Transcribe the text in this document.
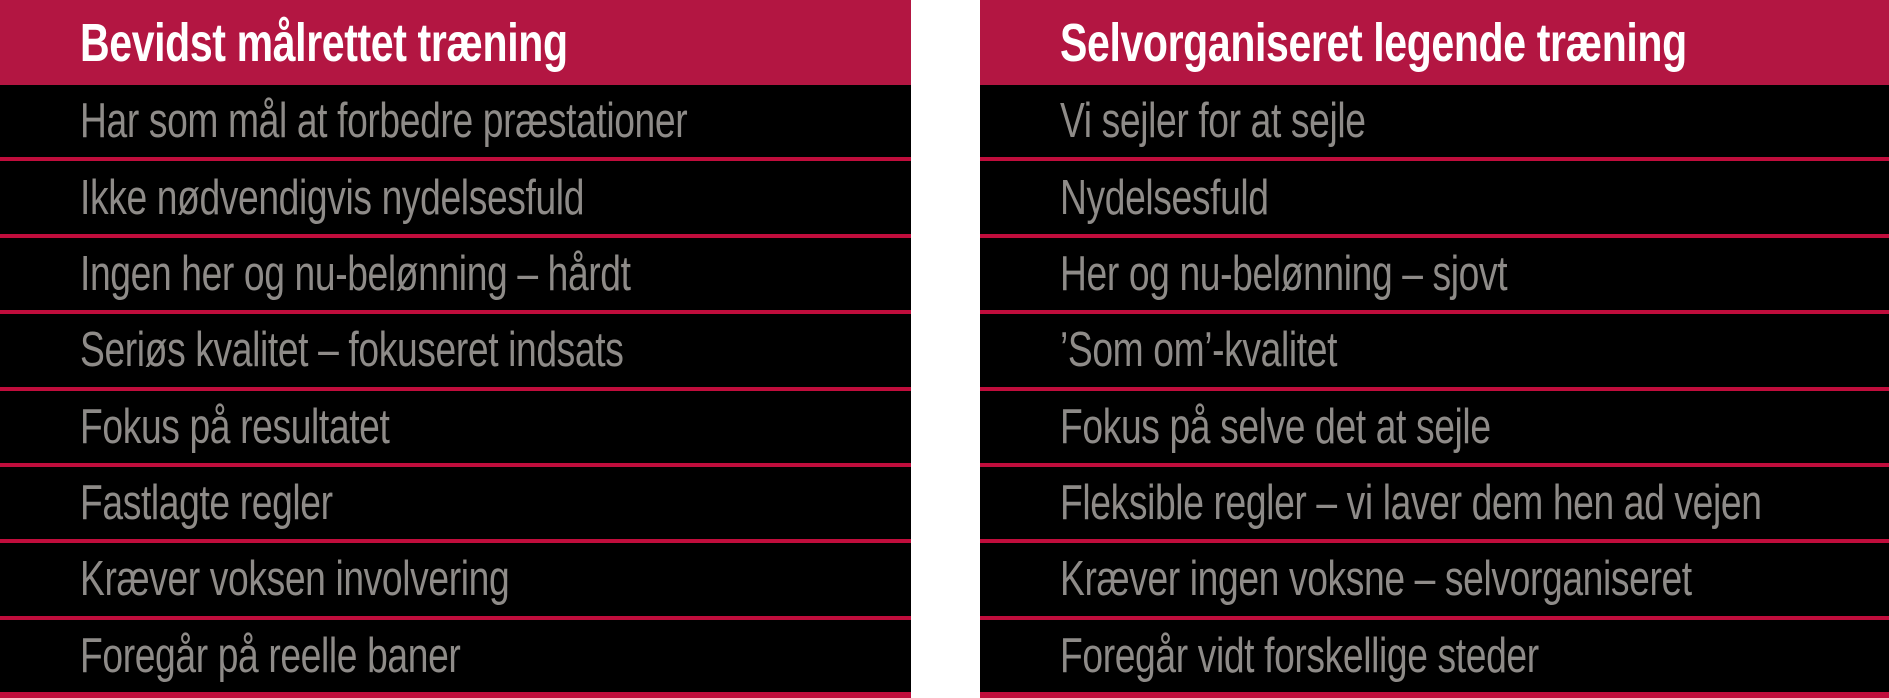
Bevidst målrettet træning
Har som mål at forbedre præstationer
Ikke nødvendigvis nydelsesfuld
Ingen her og nu-belønning – hårdt
Seriøs kvalitet – fokuseret indsats
Fokus på resultatet
Fastlagte regler
Kræver voksen involvering
Foregår på reelle baner
Selvorganiseret legende træning
Vi sejler for at sejle
Nydelsesfuld
Her og nu-belønning – sjovt
’Som om’-kvalitet
Fokus på selve det at sejle
Fleksible regler – vi laver dem hen ad vejen
Kræver ingen voksne – selvorganiseret
Foregår vidt forskellige steder
